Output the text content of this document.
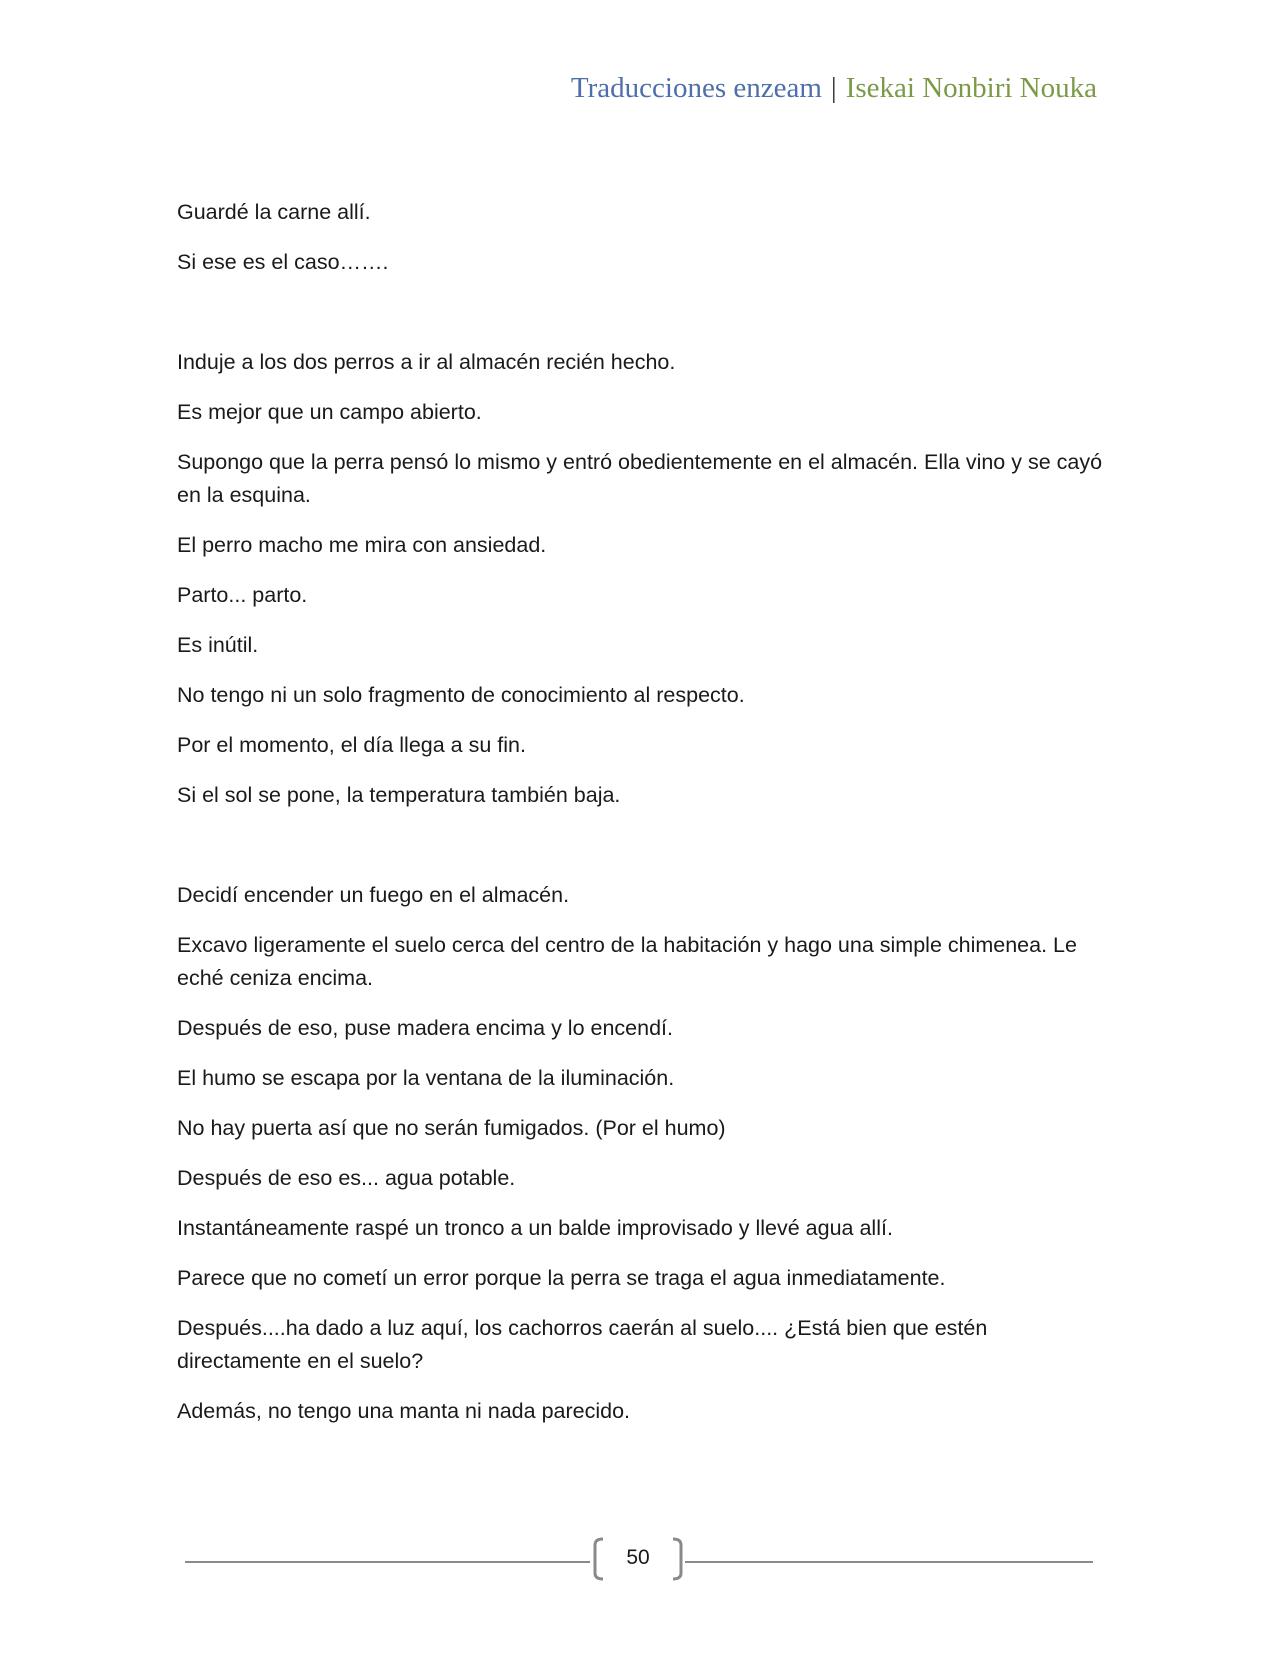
Traducciones enzeam | Isekai Nonbiri Nouka

Guardé la carne allí.

Si ese es el caso…….

Induje a los dos perros a ir al almacén recién hecho.

Es mejor que un campo abierto.

Supongo que la perra pensó lo mismo y entró obedientemente en el almacén. Ella vino y se cayó en la esquina.

El perro macho me mira con ansiedad.

Parto... parto.

Es inútil.

No tengo ni un solo fragmento de conocimiento al respecto.

Por el momento, el día llega a su fin.

Si el sol se pone, la temperatura también baja.

Decidí encender un fuego en el almacén.

Excavo ligeramente el suelo cerca del centro de la habitación y hago una simple chimenea. Le eché ceniza encima.

Después de eso, puse madera encima y lo encendí.

El humo se escapa por la ventana de la iluminación.

No hay puerta así que no serán fumigados. (Por el humo)

Después de eso es... agua potable.

Instantáneamente raspé un tronco a un balde improvisado y llevé agua allí.

Parece que no cometí un error porque la perra se traga el agua inmediatamente.

Después....ha dado a luz aquí, los cachorros caerán al suelo.... ¿Está bien que estén directamente en el suelo?

Además, no tengo una manta ni nada parecido.

50
